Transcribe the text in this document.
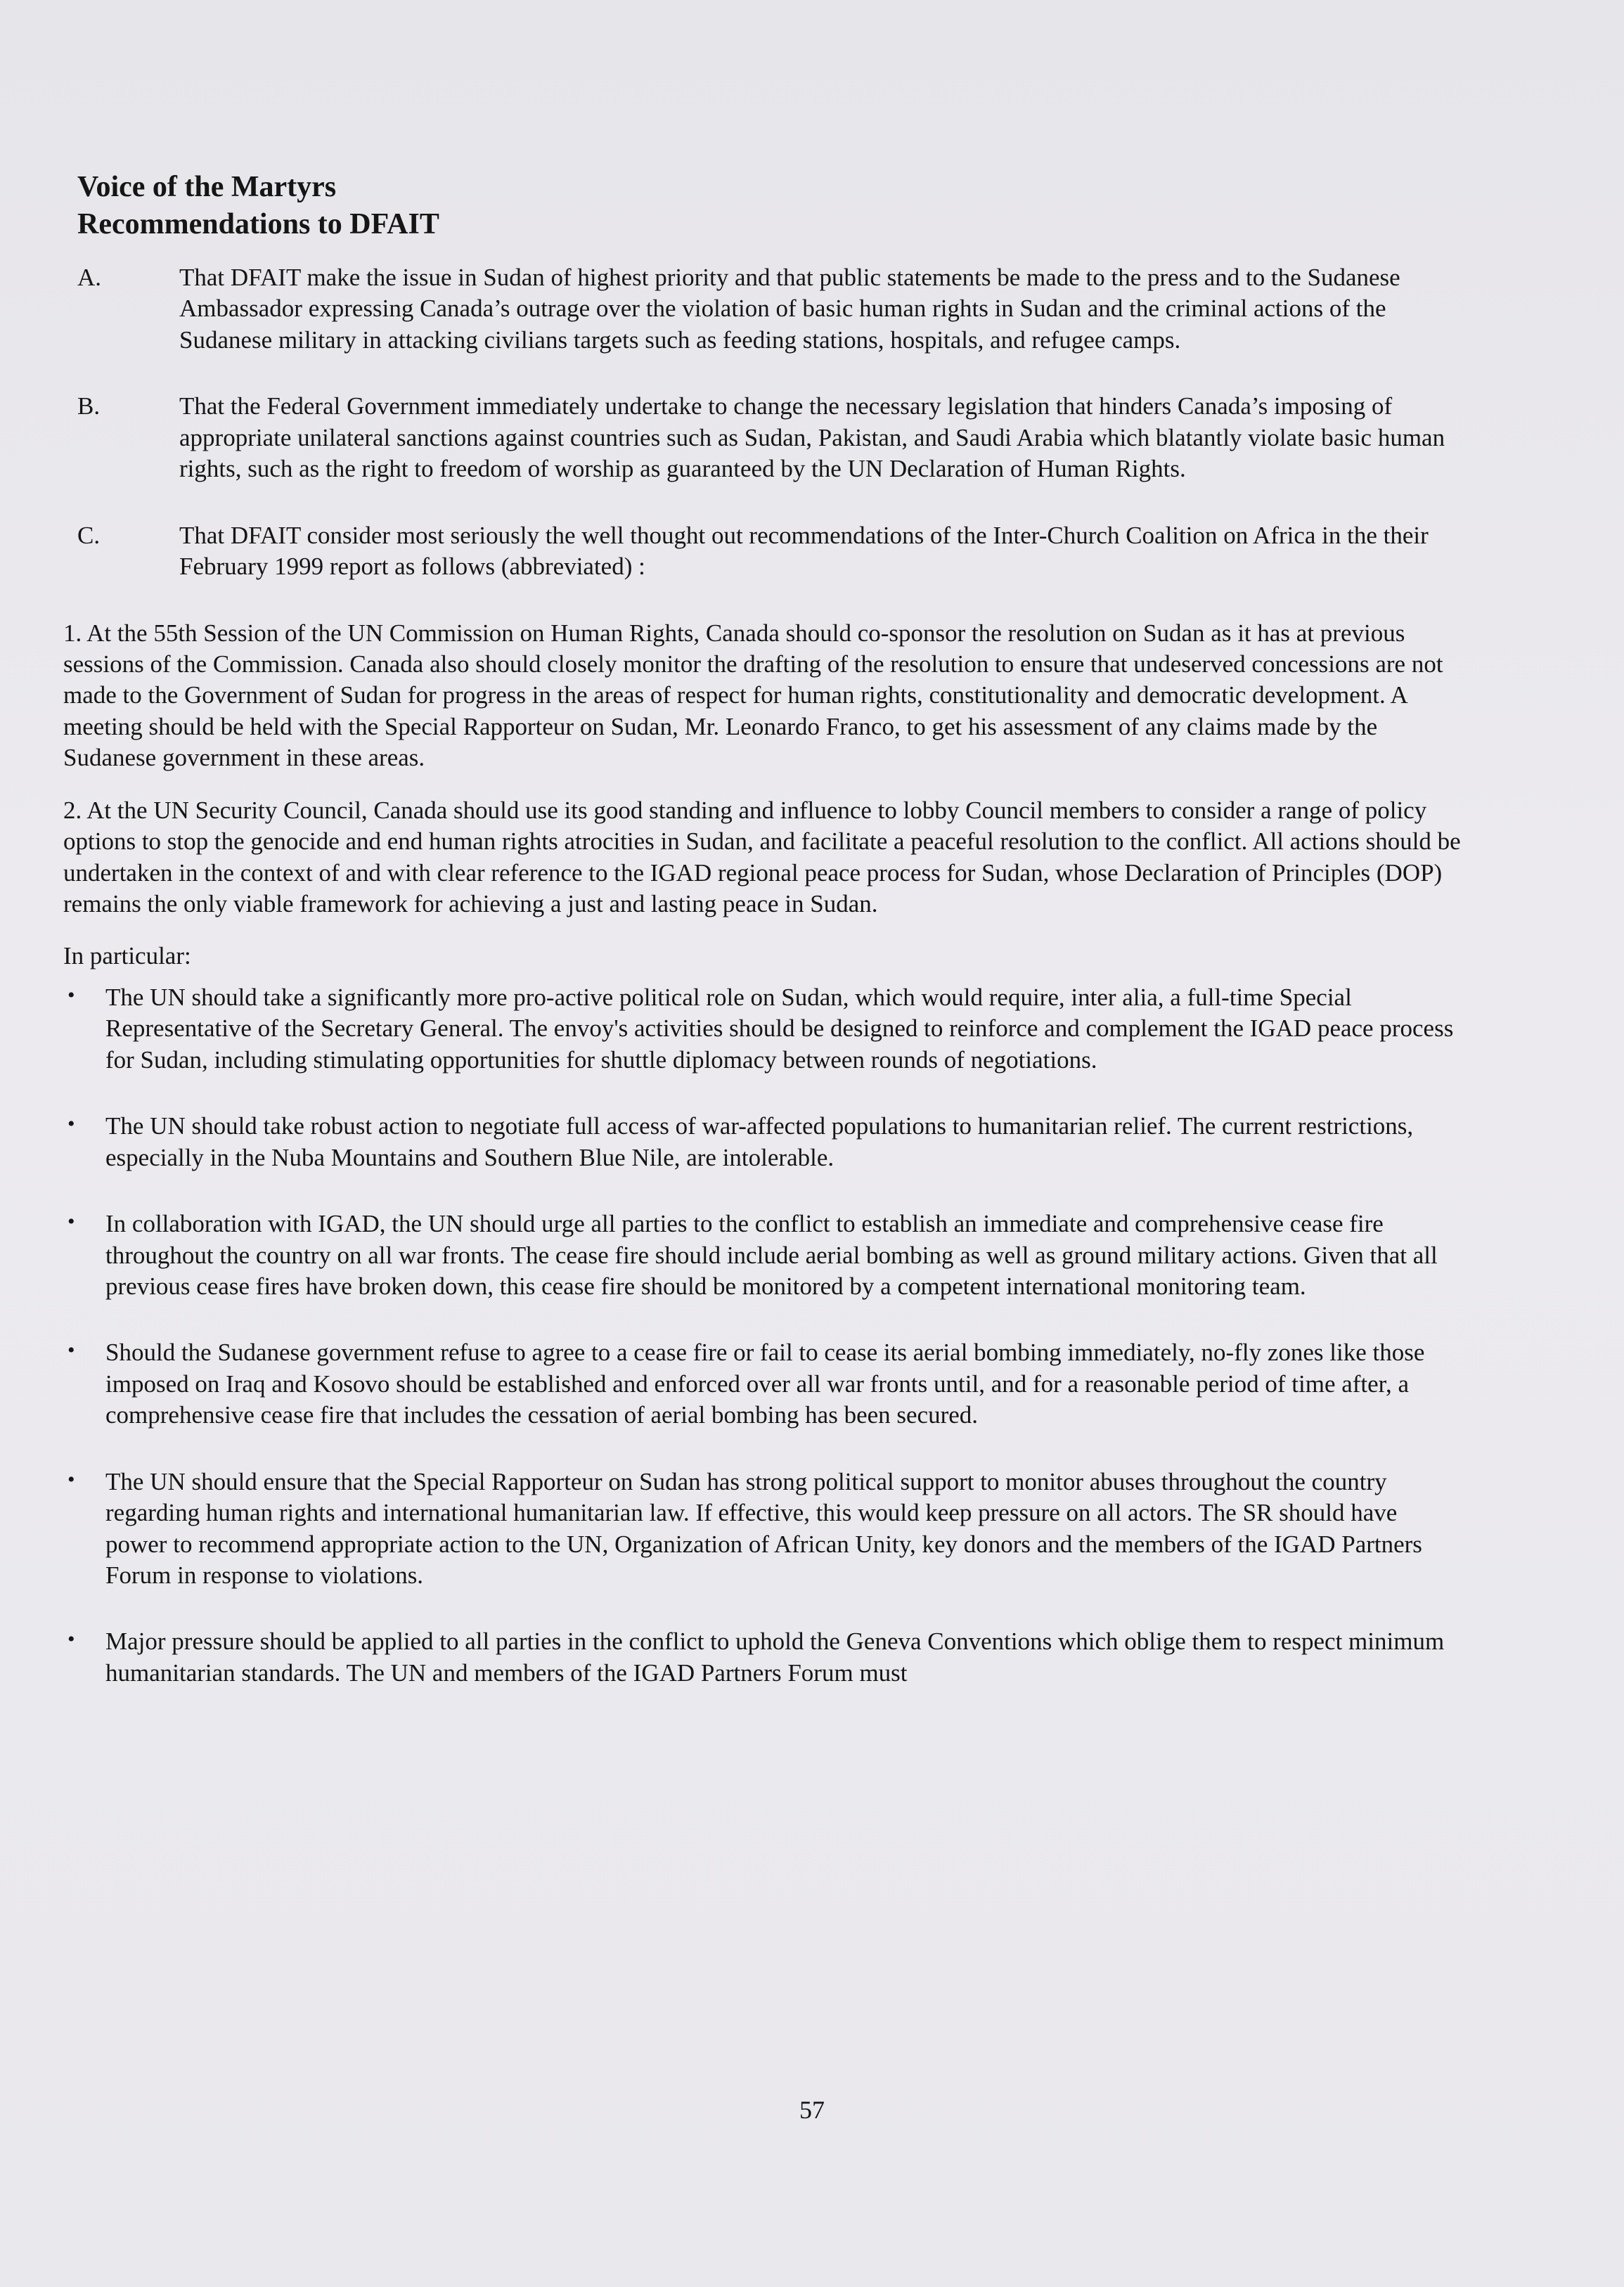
Voice of the Martyrs
Recommendations to DFAIT
A.	That DFAIT make the issue in Sudan of highest priority and that public statements be made to the press and to the Sudanese Ambassador expressing Canada’s outrage over the violation of basic human rights in Sudan and the criminal actions of the Sudanese military in attacking civilians targets such as feeding stations, hospitals, and refugee camps.
B.	That the Federal Government immediately undertake to change the necessary legislation that hinders Canada’s imposing of appropriate unilateral sanctions against countries such as Sudan, Pakistan, and Saudi Arabia which blatantly violate basic human rights, such as the right to freedom of worship as guaranteed by the UN Declaration of Human Rights.
C.	That DFAIT consider most seriously the well thought out recommendations of the Inter-Church Coalition on Africa in the their February 1999 report as follows (abbreviated) :
1. At the 55th Session of the UN Commission on Human Rights, Canada should co-sponsor the resolution on Sudan as it has at previous sessions of the Commission. Canada also should closely monitor the drafting of the resolution to ensure that undeserved concessions are not made to the Government of Sudan for progress in the areas of respect for human rights, constitutionality and democratic development. A meeting should be held with the Special Rapporteur on Sudan, Mr. Leonardo Franco, to get his assessment of any claims made by the Sudanese government in these areas.
2. At the UN Security Council, Canada should use its good standing and influence to lobby Council members to consider a range of policy options to stop the genocide and end human rights atrocities in Sudan, and facilitate a peaceful resolution to the conflict. All actions should be undertaken in the context of and with clear reference to the IGAD regional peace process for Sudan, whose Declaration of Principles (DOP) remains the only viable framework for achieving a just and lasting peace in Sudan.
In particular:
•	The UN should take a significantly more pro-active political role on Sudan, which would require, inter alia, a full-time Special Representative of the Secretary General. The envoy's activities should be designed to reinforce and complement the IGAD peace process for Sudan, including stimulating opportunities for shuttle diplomacy between rounds of negotiations.
•	The UN should take robust action to negotiate full access of war-affected populations to humanitarian relief. The current restrictions, especially in the Nuba Mountains and Southern Blue Nile, are intolerable.
•	In collaboration with IGAD, the UN should urge all parties to the conflict to establish an immediate and comprehensive cease fire throughout the country on all war fronts. The cease fire should include aerial bombing as well as ground military actions. Given that all previous cease fires have broken down, this cease fire should be monitored by a competent international monitoring team.
•	Should the Sudanese government refuse to agree to a cease fire or fail to cease its aerial bombing immediately, no-fly zones like those imposed on Iraq and Kosovo should be established and enforced over all war fronts until, and for a reasonable period of time after, a comprehensive cease fire that includes the cessation of aerial bombing has been secured.
•	The UN should ensure that the Special Rapporteur on Sudan has strong political support to monitor abuses throughout the country regarding human rights and international humanitarian law. If effective, this would keep pressure on all actors. The SR should have power to recommend appropriate action to the UN, Organization of African Unity, key donors and the members of the IGAD Partners Forum in response to violations.
•	Major pressure should be applied to all parties in the conflict to uphold the Geneva Conventions which oblige them to respect minimum humanitarian standards. The UN and members of the IGAD Partners Forum must
57
